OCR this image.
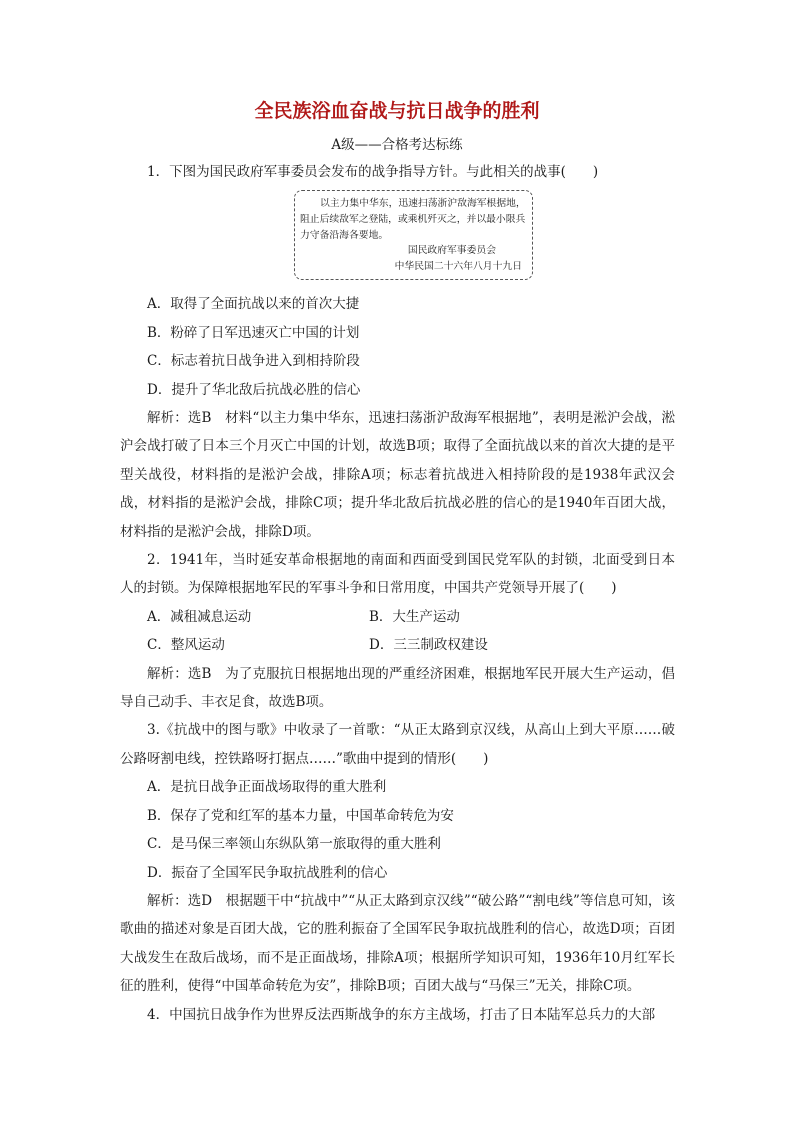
全民族浴血奋战与抗日战争的胜利
A级——合格考达标练

1．下图为国民政府军事委员会发布的战争指导方针。与此相关的战事(　　)

以主力集中华东，迅速扫荡浙沪敌海军根据地，阻止后续敌军之登陆，或乘机歼灭之，并以最小限兵力守备沿海各要地。
国民政府军事委员会
中华民国二十六年八月十九日

A．取得了全面抗战以来的首次大捷

B．粉碎了日军迅速灭亡中国的计划

C．标志着抗日战争进入到相持阶段

D．提升了华北敌后抗战必胜的信心

解析：选B　材料“以主力集中华东，迅速扫荡浙沪敌海军根据地”，表明是淞沪会战，淞沪会战打破了日本三个月灭亡中国的计划，故选B项；取得了全面抗战以来的首次大捷的是平型关战役，材料指的是淞沪会战，排除A项；标志着抗战进入相持阶段的是1938年武汉会战，材料指的是淞沪会战，排除C项；提升华北敌后抗战必胜的信心的是1940年百团大战，材料指的是淞沪会战，排除D项。

2．1941年，当时延安革命根据地的南面和西面受到国民党军队的封锁，北面受到日本人的封锁。为保障根据地军民的军事斗争和日常用度，中国共产党领导开展了(　　)

A．减租减息运动	B．大生产运动
C．整风运动	D．三三制政权建设

解析：选B　为了克服抗日根据地出现的严重经济困难，根据地军民开展大生产运动，倡导自己动手、丰衣足食，故选B项。

3.《抗战中的图与歌》中收录了一首歌：“从正太路到京汉线，从高山上到大平原……破公路呀割电线，控铁路呀打据点……”歌曲中提到的情形(　　)

A．是抗日战争正面战场取得的重大胜利

B．保存了党和红军的基本力量，中国革命转危为安

C．是马保三率领山东纵队第一旅取得的重大胜利

D．振奋了全国军民争取抗战胜利的信心

解析：选D　根据题干中“抗战中”“从正太路到京汉线”“破公路”“割电线”等信息可知，该歌曲的描述对象是百团大战，它的胜利振奋了全国军民争取抗战胜利的信心，故选D项；百团大战发生在敌后战场，而不是正面战场，排除A项；根据所学知识可知，1936年10月红军长征的胜利，使得“中国革命转危为安”，排除B项；百团大战与“马保三”无关，排除C项。

4．中国抗日战争作为世界反法西斯战争的东方主战场，打击了日本陆军总兵力的大部
